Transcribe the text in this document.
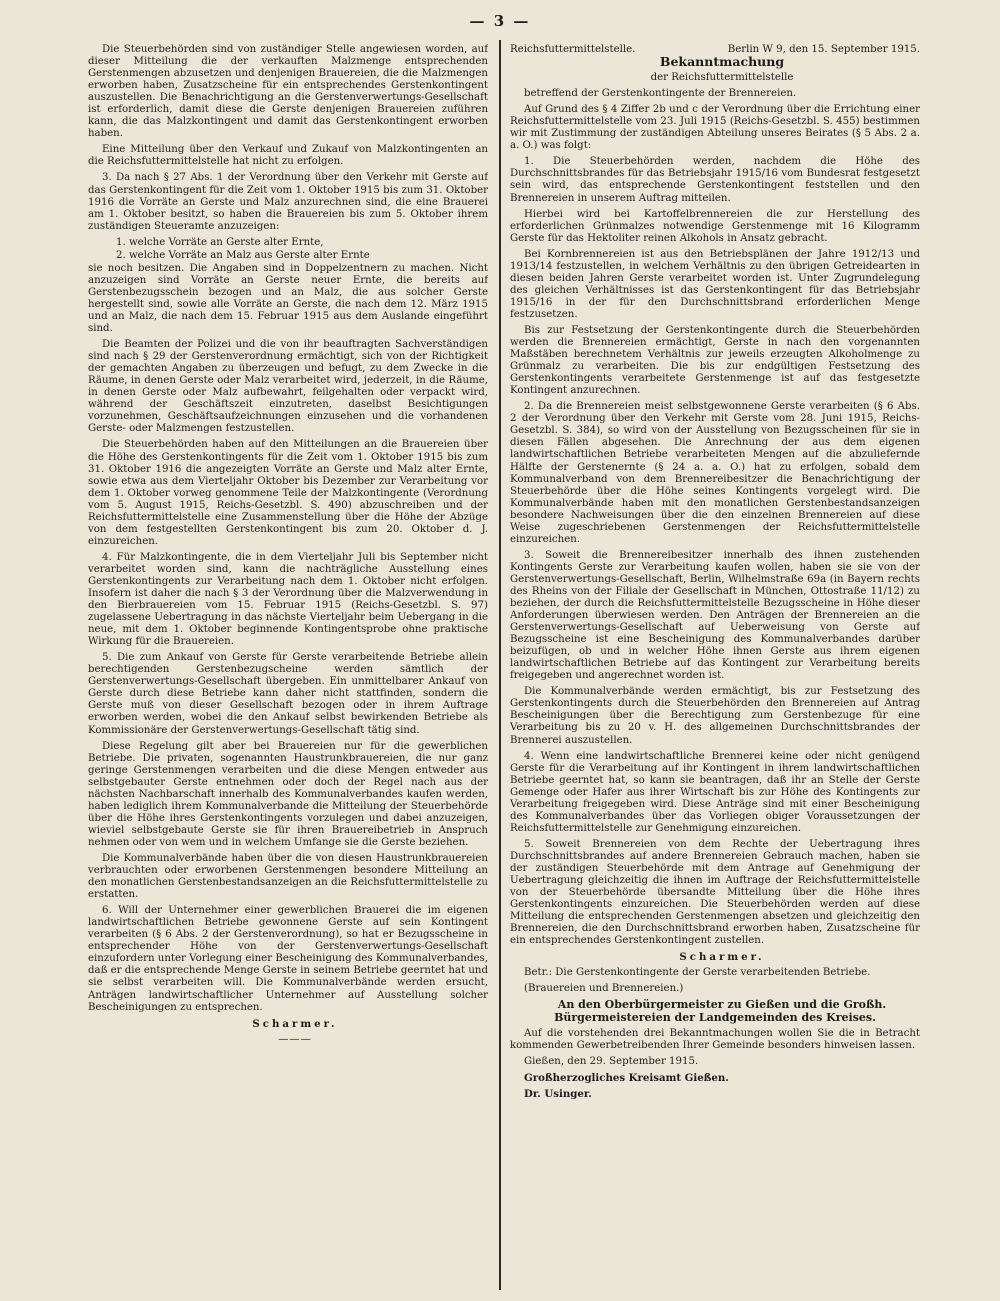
— 3 —

Die Steuerbehörden sind von zuständiger Stelle angewiesen worden, auf dieser Mitteilung die der verkauften Malzmenge entsprechenden Gerstenmengen abzusetzen und denjenigen Brauereien, die die Malzmengen erworben haben, Zusatzscheine für ein entsprechendes Gerstenkontingent auszustellen. Die Benachrichtigung an die Gerstenverwertungs-Gesellschaft ist erforderlich, damit diese die Gerste denjenigen Brauereien zuführen kann, die das Malzkontingent und damit das Gerstenkontingent erworben haben.

Eine Mitteilung über den Verkauf und Zukauf von Malzkontingenten an die Reichsfuttermittelstelle hat nicht zu erfolgen.

3. Da nach § 27 Abs. 1 der Verordnung über den Verkehr mit Gerste auf das Gerstenkontingent für die Zeit vom 1. Oktober 1915 bis zum 31. Oktober 1916 die Vorräte an Gerste und Malz anzurechnen sind, die eine Brauerei am 1. Oktober besitzt, so haben die Brauereien bis zum 5. Oktober ihrem zuständigen Steueramte anzuzeigen:

1. welche Vorräte an Gerste alter Ernte,

2. welche Vorräte an Malz aus Gerste alter Ernte

sie noch besitzen. Die Angaben sind in Doppelzentnern zu machen. Nicht anzuzeigen sind Vorräte an Gerste neuer Ernte, die bereits auf Gerstenbezugsschein bezogen und an Malz, die aus solcher Gerste hergestellt sind, sowie alle Vorräte an Gerste, die nach dem 12. März 1915 und an Malz, die nach dem 15. Februar 1915 aus dem Auslande eingeführt sind.

Die Beamten der Polizei und die von ihr beauftragten Sachverständigen sind nach § 29 der Gerstenverordnung ermächtigt, sich von der Richtigkeit der gemachten Angaben zu überzeugen und befugt, zu dem Zwecke in die Räume, in denen Gerste oder Malz verarbeitet wird, jederzeit, in die Räume, in denen Gerste oder Malz aufbewahrt, feilgehalten oder verpackt wird, während der Geschäftszeit einzutreten, daselbst Besichtigungen vorzunehmen, Geschäftsaufzeichnungen einzusehen und die vorhandenen Gerste- oder Malzmengen festzustellen.

Die Steuerbehörden haben auf den Mitteilungen an die Brauereien über die Höhe des Gerstenkontingents für die Zeit vom 1. Oktober 1915 bis zum 31. Oktober 1916 die angezeigten Vorräte an Gerste und Malz alter Ernte, sowie etwa aus dem Vierteljahr Oktober bis Dezember zur Verarbeitung vor dem 1. Oktober vorweg genommene Teile der Malzkontingente (Verordnung vom 5. August 1915, Reichs-Gesetzbl. S. 490) abzuschreiben und der Reichsfuttermittelstelle eine Zusammenstellung über die Höhe der Abzüge von dem festgestellten Gerstenkontingent bis zum 20. Oktober d. J. einzureichen.

4. Für Malzkontingente, die in dem Vierteljahr Juli bis September nicht verarbeitet worden sind, kann die nachträgliche Ausstellung eines Gerstenkontingents zur Verarbeitung nach dem 1. Oktober nicht erfolgen. Insofern ist daher die nach § 3 der Verordnung über die Malzverwendung in den Bierbrauereien vom 15. Februar 1915 (Reichs-Gesetzbl. S. 97) zugelassene Uebertragung in das nächste Vierteljahr beim Uebergang in die neue, mit dem 1. Oktober beginnende Kontingentsprobe ohne praktische Wirkung für die Brauereien.

5. Die zum Ankauf von Gerste für Gerste verarbeitende Betriebe allein berechtigenden Gerstenbezugscheine werden sämtlich der Gerstenverwertungs-Gesellschaft übergeben. Ein unmittelbarer Ankauf von Gerste durch diese Betriebe kann daher nicht stattfinden, sondern die Gerste muß von dieser Gesellschaft bezogen oder in ihrem Auftrage erworben werden, wobei die den Ankauf selbst bewirkenden Betriebe als Kommissionäre der Gerstenverwertungs-Gesellschaft tätig sind.

Diese Regelung gilt aber bei Brauereien nur für die gewerblichen Betriebe. Die privaten, sogenannten Haustrunkbrauereien, die nur ganz geringe Gerstenmengen verarbeiten und die diese Mengen entweder aus selbstgebauter Gerste entnehmen oder doch der Regel nach aus der nächsten Nachbarschaft innerhalb des Kommunalverbandes kaufen werden, haben lediglich ihrem Kommunalverbande die Mitteilung der Steuerbehörde über die Höhe ihres Gerstenkontingents vorzulegen und dabei anzuzeigen, wieviel selbstgebaute Gerste sie für ihren Brauereibetrieb in Anspruch nehmen oder von wem und in welchem Umfange sie die Gerste beziehen.

Die Kommunalverbände haben über die von diesen Haustrunkbrauereien verbrauchten oder erworbenen Gerstenmengen besondere Mitteilung an den monatlichen Gerstenbestandsanzeigen an die Reichsfuttermittelstelle zu erstatten.

6. Will der Unternehmer einer gewerblichen Brauerei die im eigenen landwirtschaftlichen Betriebe gewonnene Gerste auf sein Kontingent verarbeiten (§ 6 Abs. 2 der Gerstenverordnung), so hat er Bezugsscheine in entsprechender Höhe von der Gerstenverwertungs-Gesellschaft einzufordern unter Vorlegung einer Bescheinigung des Kommunalverbandes, daß er die entsprechende Menge Gerste in seinem Betriebe geerntet hat und sie selbst verarbeiten will. Die Kommunalverbände werden ersucht, Anträgen landwirtschaftlicher Unternehmer auf Ausstellung solcher Bescheinigungen zu entsprechen.

Scharmer.

———

Reichsfuttermittelstelle.	Berlin W 9, den 15. September 1915.

Bekanntmachung

der Reichsfuttermittelstelle

betreffend der Gerstenkontingente der Brennereien.

Auf Grund des § 4 Ziffer 2b und c der Verordnung über die Errichtung einer Reichsfuttermittelstelle vom 23. Juli 1915 (Reichs-Gesetzbl. S. 455) bestimmen wir mit Zustimmung der zuständigen Abteilung unseres Beirates (§ 5 Abs. 2 a. a. O.) was folgt:

1. Die Steuerbehörden werden, nachdem die Höhe des Durchschnittsbrandes für das Betriebsjahr 1915/16 vom Bundesrat festgesetzt sein wird, das entsprechende Gerstenkontingent feststellen und den Brennereien in unserem Auftrag mitteilen.

Hierbei wird bei Kartoffelbrennereien die zur Herstellung des erforderlichen Grünmalzes notwendige Gerstenmenge mit 16 Kilogramm Gerste für das Hektoliter reinen Alkohols in Ansatz gebracht.

Bei Kornbrennereien ist aus den Betriebsplänen der Jahre 1912/13 und 1913/14 festzustellen, in welchem Verhältnis zu den übrigen Getreidearten in diesen beiden Jahren Gerste verarbeitet worden ist. Unter Zugrundelegung des gleichen Verhältnisses ist das Gerstenkontingent für das Betriebsjahr 1915/16 in der für den Durchschnittsbrand erforderlichen Menge festzusetzen.

Bis zur Festsetzung der Gerstenkontingente durch die Steuerbehörden werden die Brennereien ermächtigt, Gerste in nach den vorgenannten Maßstäben berechnetem Verhältnis zur jeweils erzeugten Alkoholmenge zu Grünmalz zu verarbeiten. Die bis zur endgültigen Festsetzung des Gerstenkontingents verarbeitete Gerstenmenge ist auf das festgesetzte Kontingent anzurechnen.

2. Da die Brennereien meist selbstgewonnene Gerste verarbeiten (§ 6 Abs. 2 der Verordnung über den Verkehr mit Gerste vom 28. Juni 1915, Reichs-Gesetzbl. S. 384), so wird von der Ausstellung von Bezugsscheinen für sie in diesen Fällen abgesehen. Die Anrechnung der aus dem eigenen landwirtschaftlichen Betriebe verarbeiteten Mengen auf die abzuliefernde Hälfte der Gerstenernte (§ 24 a. a. O.) hat zu erfolgen, sobald dem Kommunalverband von dem Brennereibesitzer die Benachrichtigung der Steuerbehörde über die Höhe seines Kontingents vorgelegt wird. Die Kommunalverbände haben mit den monatlichen Gerstenbestandsanzeigen besondere Nachweisungen über die den einzelnen Brennereien auf diese Weise zugeschriebenen Gerstenmengen der Reichsfuttermittelstelle einzureichen.

3. Soweit die Brennereibesitzer innerhalb des ihnen zustehenden Kontingents Gerste zur Verarbeitung kaufen wollen, haben sie sie von der Gerstenverwertungs-Gesellschaft, Berlin, Wilhelmstraße 69a (in Bayern rechts des Rheins von der Filiale der Gesellschaft in München, Ottostraße 11/12) zu beziehen, der durch die Reichsfuttermittelstelle Bezugsscheine in Höhe dieser Anforderungen überwiesen werden. Den Anträgen der Brennereien an die Gerstenverwertungs-Gesellschaft auf Ueberweisung von Gerste auf Bezugsscheine ist eine Bescheinigung des Kommunalverbandes darüber beizufügen, ob und in welcher Höhe ihnen Gerste aus ihrem eigenen landwirtschaftlichen Betriebe auf das Kontingent zur Verarbeitung bereits freigegeben und angerechnet worden ist.

Die Kommunalverbände werden ermächtigt, bis zur Festsetzung des Gerstenkontingents durch die Steuerbehörden den Brennereien auf Antrag Bescheinigungen über die Berechtigung zum Gerstenbezuge für eine Verarbeitung bis zu 20 v. H. des allgemeinen Durchschnittsbrandes der Brennerei auszustellen.

4. Wenn eine landwirtschaftliche Brennerei keine oder nicht genügend Gerste für die Verarbeitung auf ihr Kontingent in ihrem landwirtschaftlichen Betriebe geerntet hat, so kann sie beantragen, daß ihr an Stelle der Gerste Gemenge oder Hafer aus ihrer Wirtschaft bis zur Höhe des Kontingents zur Verarbeitung freigegeben wird. Diese Anträge sind mit einer Bescheinigung des Kommunalverbandes über das Vorliegen obiger Voraussetzungen der Reichsfuttermittelstelle zur Genehmigung einzureichen.

5. Soweit Brennereien von dem Rechte der Uebertragung ihres Durchschnittsbrandes auf andere Brennereien Gebrauch machen, haben sie der zuständigen Steuerbehörde mit dem Antrage auf Genehmigung der Uebertragung gleichzeitig die ihnen im Auftrage der Reichsfuttermittelstelle von der Steuerbehörde übersandte Mitteilung über die Höhe ihres Gerstenkontingents einzureichen. Die Steuerbehörden werden auf diese Mitteilung die entsprechenden Gerstenmengen absetzen und gleichzeitig den Brennereien, die den Durchschnittsbrand erworben haben, Zusatzscheine für ein entsprechendes Gerstenkontingent zustellen.

Scharmer.

Betr.: Die Gerstenkontingente der Gerste verarbeitenden Betriebe.

(Brauereien und Brennereien.)

An den Oberbürgermeister zu Gießen und die Großh. Bürgermeistereien der Landgemeinden des Kreises.

Auf die vorstehenden drei Bekanntmachungen wollen Sie die in Betracht kommenden Gewerbetreibenden Ihrer Gemeinde besonders hinweisen lassen.

Gießen, den 29. September 1915.

Großherzogliches Kreisamt Gießen.

Dr. Usinger.
